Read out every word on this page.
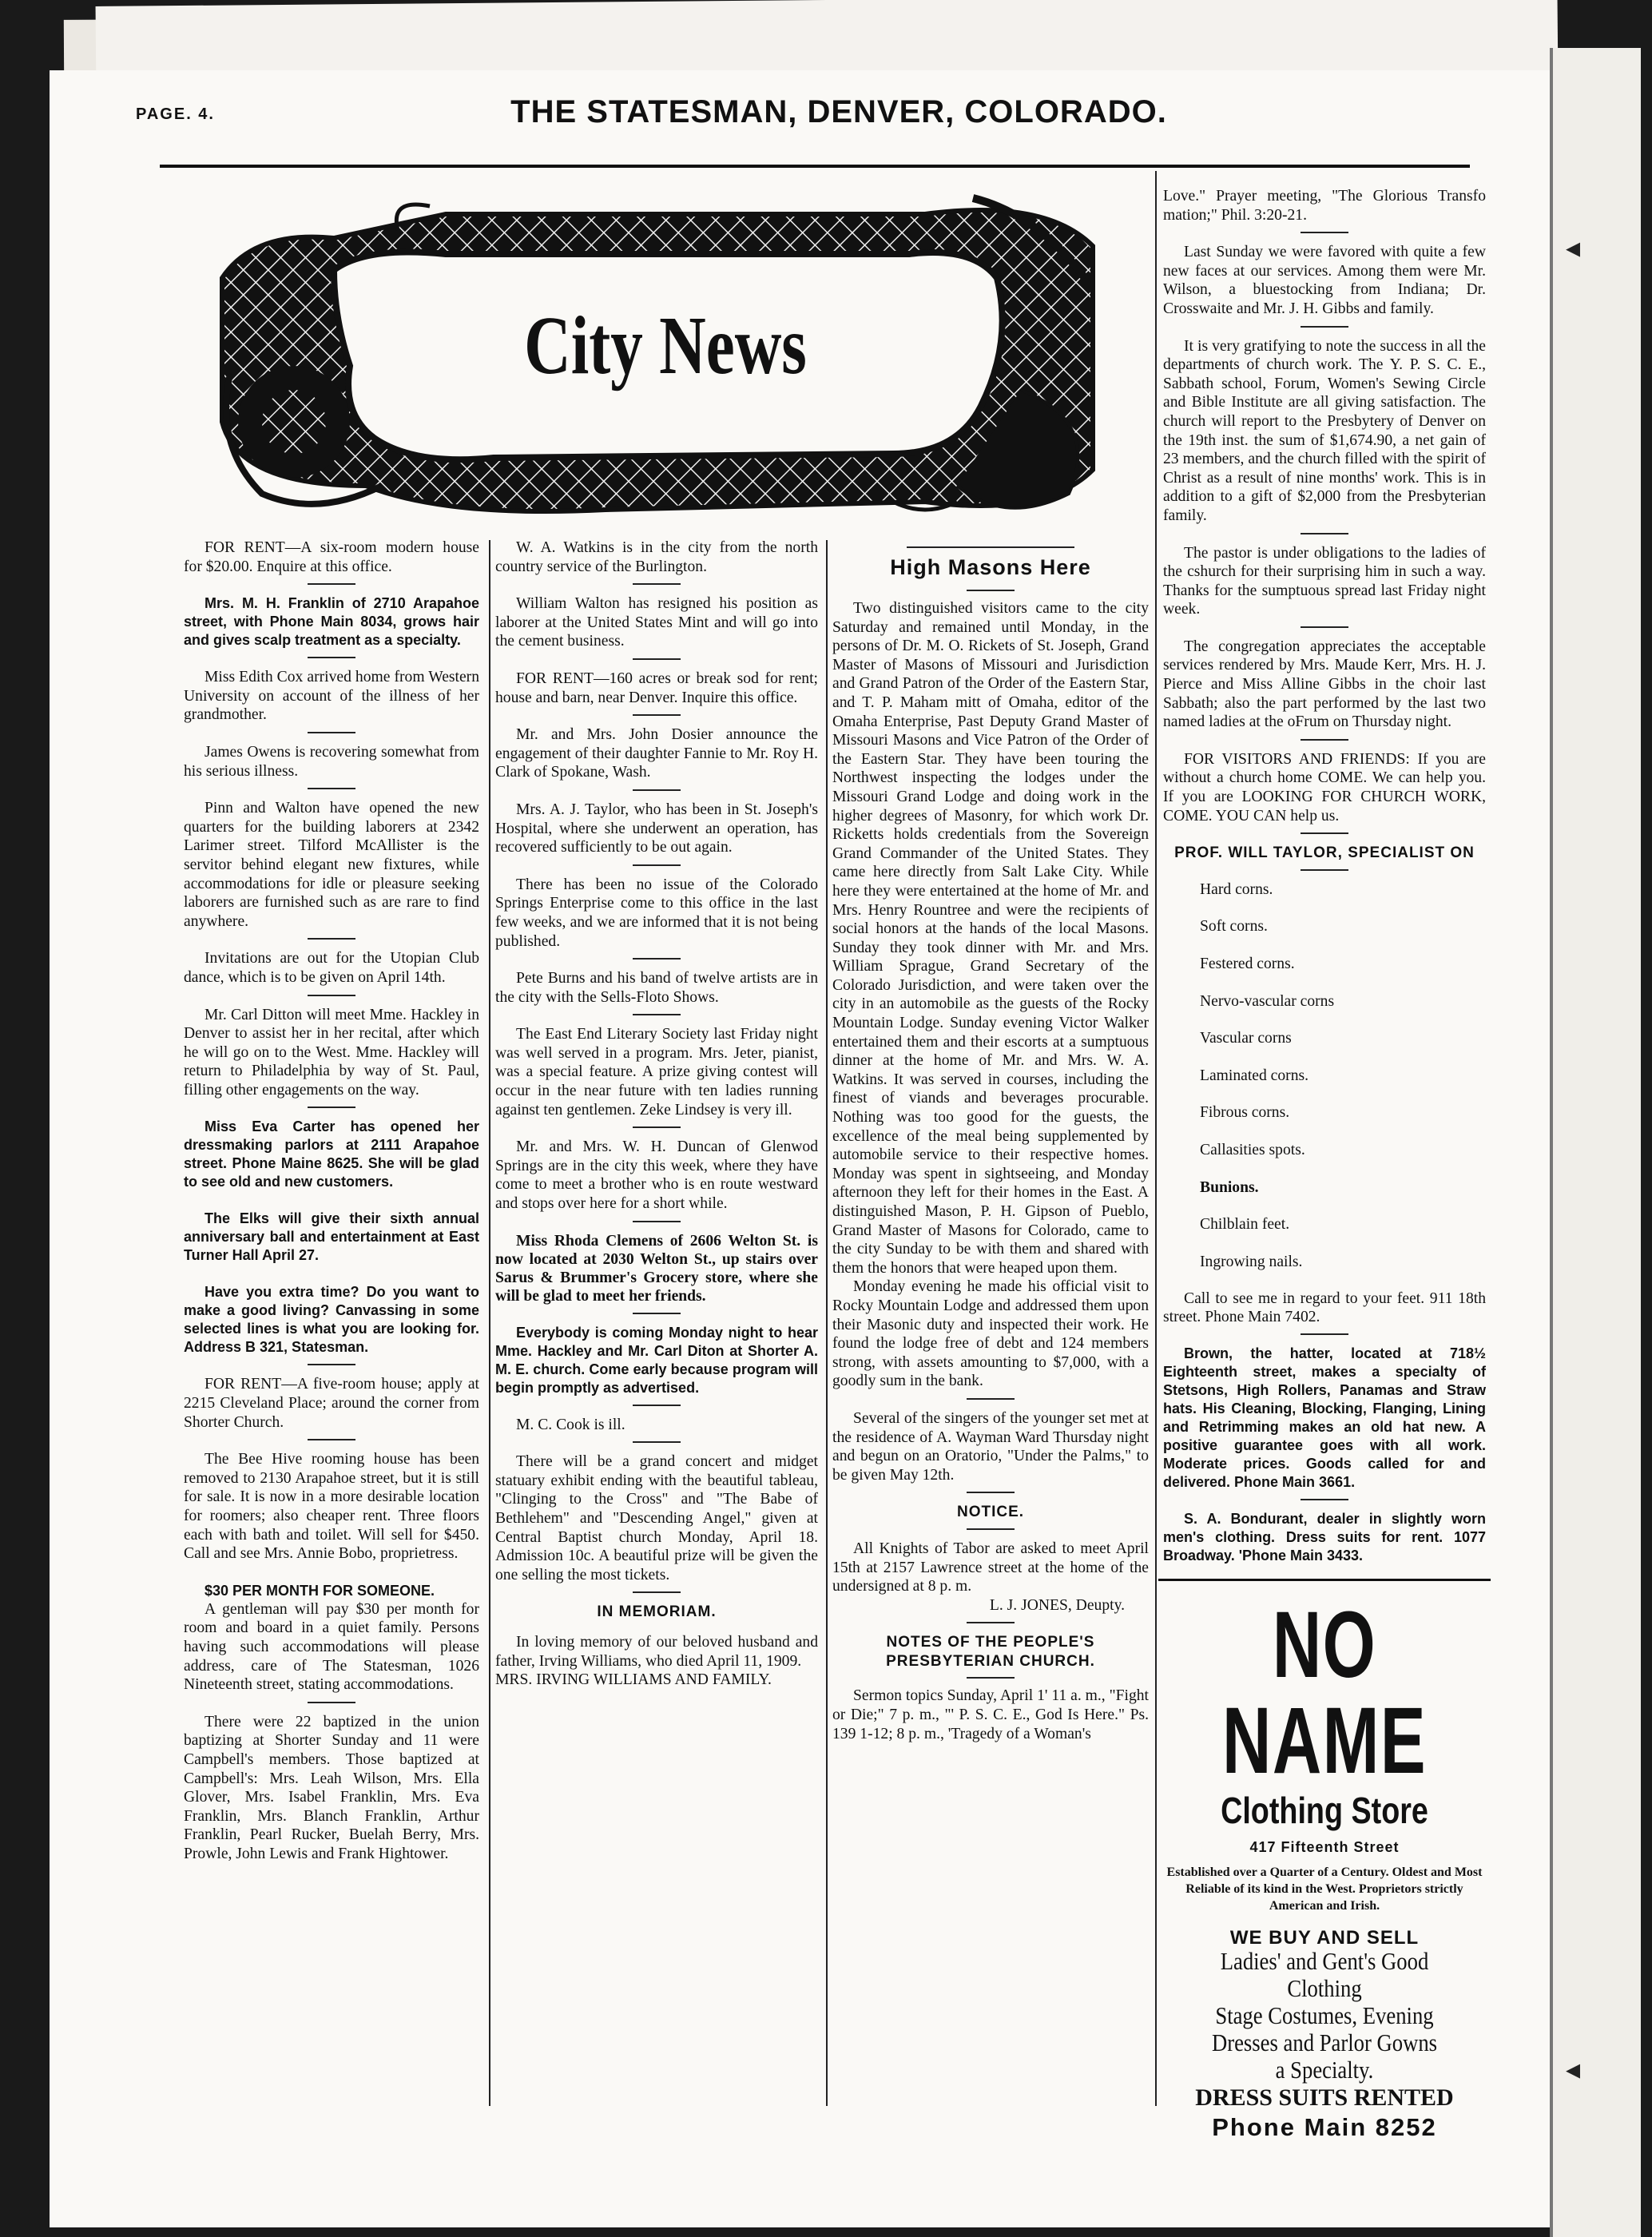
◂
◂
PAGE. 4.	THE STATESMAN, DENVER, COLORADO.
City News

FOR RENT—A six-room modern house for $20.00. Enquire at this office.

Mrs. M. H. Franklin of 2710 Arapahoe street, with Phone Main 8034, grows hair and gives scalp treatment as a specialty.

Miss Edith Cox arrived home from Western University on account of the illness of her grandmother.

James Owens is recovering somewhat from his serious illness.

Pinn and Walton have opened the new quarters for the building laborers at 2342 Larimer street. Tilford McAllister is the servitor behind elegant new fixtures, while accommodations for idle or pleasure seeking laborers are furnished such as are rare to find anywhere.

Invitations are out for the Utopian Club dance, which is to be given on April 14th.

Mr. Carl Ditton will meet Mme. Hackley in Denver to assist her in her recital, after which he will go on to the West. Mme. Hackley will return to Philadelphia by way of St. Paul, filling other engagements on the way.

Miss Eva Carter has opened her dressmaking parlors at 2111 Arapahoe street. Phone Maine 8625. She will be glad to see old and new customers.

The Elks will give their sixth annual anniversary ball and entertainment at East Turner Hall April 27.

Have you extra time? Do you want to make a good living? Canvassing in some selected lines is what you are looking for. Address B 321, Statesman.

FOR RENT—A five-room house; apply at 2215 Cleveland Place; around the corner from Shorter Church.

The Bee Hive rooming house has been removed to 2130 Arapahoe street, but it is still for sale. It is now in a more desirable location for roomers; also cheaper rent. Three floors each with bath and toilet. Will sell for $450. Call and see Mrs. Annie Bobo, proprietress.

$30 PER MONTH FOR SOMEONE.

A gentleman will pay $30 per month for room and board in a quiet family. Persons having such accommodations will please address, care of The Statesman, 1026 Nineteenth street, stating accommodations.

There were 22 baptized in the union baptizing at Shorter Sunday and 11 were Campbell's members. Those baptized at Campbell's: Mrs. Leah Wilson, Mrs. Ella Glover, Mrs. Isabel Franklin, Mrs. Eva Franklin, Mrs. Blanch Franklin, Arthur Franklin, Pearl Rucker, Buelah Berry, Mrs. Prowle, John Lewis and Frank Hightower.

W. A. Watkins is in the city from the north country service of the Burlington.

William Walton has resigned his position as laborer at the United States Mint and will go into the cement business.

FOR RENT—160 acres or break sod for rent; house and barn, near Denver. Inquire this office.

Mr. and Mrs. John Dosier announce the engagement of their daughter Fannie to Mr. Roy H. Clark of Spokane, Wash.

Mrs. A. J. Taylor, who has been in St. Joseph's Hospital, where she underwent an operation, has recovered sufficiently to be out again.

There has been no issue of the Colorado Springs Enterprise come to this office in the last few weeks, and we are informed that it is not being published.

Pete Burns and his band of twelve artists are in the city with the Sells-Floto Shows.

The East End Literary Society last Friday night was well served in a program. Mrs. Jeter, pianist, was a special feature. A prize giving contest will occur in the near future with ten ladies running against ten gentlemen. Zeke Lindsey is very ill.

Mr. and Mrs. W. H. Duncan of Glenwod Springs are in the city this week, where they have come to meet a brother who is en route westward and stops over here for a short while.

Miss Rhoda Clemens of 2606 Welton St. is now located at 2030 Welton St., up stairs over Sarus & Brummer's Grocery store, where she will be glad to meet her friends.

Everybody is coming Monday night to hear Mme. Hackley and Mr. Carl Diton at Shorter A. M. E. church. Come early because program will begin promptly as advertised.

M. C. Cook is ill.

There will be a grand concert and midget statuary exhibit ending with the beautiful tableau, "Clinging to the Cross" and "The Babe of Bethlehem" and "Descending Angel," given at Central Baptist church Monday, April 18. Admission 10c. A beautiful prize will be given the one selling the most tickets.

IN MEMORIAM.

In loving memory of our beloved husband and father, Irving Williams, who died April 11, 1909.

MRS. IRVING WILLIAMS AND FAMILY.

High Masons Here

Two distinguished visitors came to the city Saturday and remained until Monday, in the persons of Dr. M. O. Rickets of St. Joseph, Grand Master of Masons of Missouri and Jurisdiction and Grand Patron of the Order of the Eastern Star, and T. P. Maham mitt of Omaha, editor of the Omaha Enterprise, Past Deputy Grand Master of Missouri Masons and Vice Patron of the Order of the Eastern Star. They have been touring the Northwest inspecting the lodges under the Missouri Grand Lodge and doing work in the higher degrees of Masonry, for which work Dr. Ricketts holds credentials from the Sovereign Grand Commander of the United States. They came here directly from Salt Lake City. While here they were entertained at the home of Mr. and Mrs. Henry Rountree and were the recipients of social honors at the hands of the local Masons. Sunday they took dinner with Mr. and Mrs. William Sprague, Grand Secretary of the Colorado Jurisdiction, and were taken over the city in an automobile as the guests of the Rocky Mountain Lodge. Sunday evening Victor Walker entertained them and their escorts at a sumptuous dinner at the home of Mr. and Mrs. W. A. Watkins. It was served in courses, including the finest of viands and beverages procurable. Nothing was too good for the guests, the excellence of the meal being supplemented by automobile service to their respective homes. Monday was spent in sightseeing, and Monday afternoon they left for their homes in the East. A distinguished Mason, P. H. Gipson of Pueblo, Grand Master of Masons for Colorado, came to the city Sunday to be with them and shared with them the honors that were heaped upon them.

Monday evening he made his official visit to Rocky Mountain Lodge and addressed them upon their Masonic duty and inspected their work. He found the lodge free of debt and 124 members strong, with assets amounting to $7,000, with a goodly sum in the bank.

Several of the singers of the younger set met at the residence of A. Wayman Ward Thursday night and begun on an Oratorio, "Under the Palms," to be given May 12th.

NOTICE.

All Knights of Tabor are asked to meet April 15th at 2157 Lawrence street at the home of the undersigned at 8 p. m.

L. J. JONES, Deupty.

NOTES OF THE PEOPLE'S PRESBYTERIAN CHURCH.

Sermon topics Sunday, April 1' 11 a. m., "Fight or Die;" 7 p. m., "' P. S. C. E., God Is Here." Ps. 139 1-12; 8 p. m., 'Tragedy of a Woman's

Love." Prayer meeting, "The Glorious Transfo mation;" Phil. 3:20-21.

Last Sunday we were favored with quite a few new faces at our services. Among them were Mr. Wilson, a bluestocking from Indiana; Dr. Crosswaite and Mr. J. H. Gibbs and family.

It is very gratifying to note the success in all the departments of church work. The Y. P. S. C. E., Sabbath school, Forum, Women's Sewing Circle and Bible Institute are all giving satisfaction. The church will report to the Presbytery of Denver on the 19th inst. the sum of $1,674.90, a net gain of 23 members, and the church filled with the spirit of Christ as a result of nine months' work. This is in addition to a gift of $2,000 from the Presbyterian family.

The pastor is under obligations to the ladies of the cshurch for their surprising him in such a way. Thanks for the sumptuous spread last Friday night week.

The congregation appreciates the acceptable services rendered by Mrs. Maude Kerr, Mrs. H. J. Pierce and Miss Alline Gibbs in the choir last Sabbath; also the part performed by the last two named ladies at the oFrum on Thursday night.

FOR VISITORS AND FRIENDS: If you are without a church home COME. We can help you. If you are LOOKING FOR CHURCH WORK, COME. YOU CAN help us.

PROF. WILL TAYLOR, SPECIALIST ON

Hard corns.

Soft corns.

Festered corns.

Nervo-vascular corns

Vascular corns

Laminated corns.

Fibrous corns.

Callasities spots.

Bunions.

Chilblain feet.

Ingrowing nails.

Call to see me in regard to your feet. 911 18th street. Phone Main 7402.

Brown, the hatter, located at 718½ Eighteenth street, makes a specialty of Stetsons, High Rollers, Panamas and Straw hats. His Cleaning, Blocking, Flanging, Lining and Retrimming makes an old hat new. A positive guarantee goes with all work. Moderate prices. Goods called for and delivered. Phone Main 3661.

S. A. Bondurant, dealer in slightly worn men's clothing. Dress suits for rent. 1077 Broadway. 'Phone Main 3433.

NO NAME
Clothing Store
417 Fifteenth Street
Established over a Quarter of a Century. Oldest and Most Reliable of its kind in the West. Proprietors strictly American and Irish.
WE BUY AND SELL
Ladies' and Gent's Good Clothing
Stage Costumes, Evening
Dresses and Parlor Gowns
a Specialty.
DRESS SUITS RENTED
Phone Main 8252
